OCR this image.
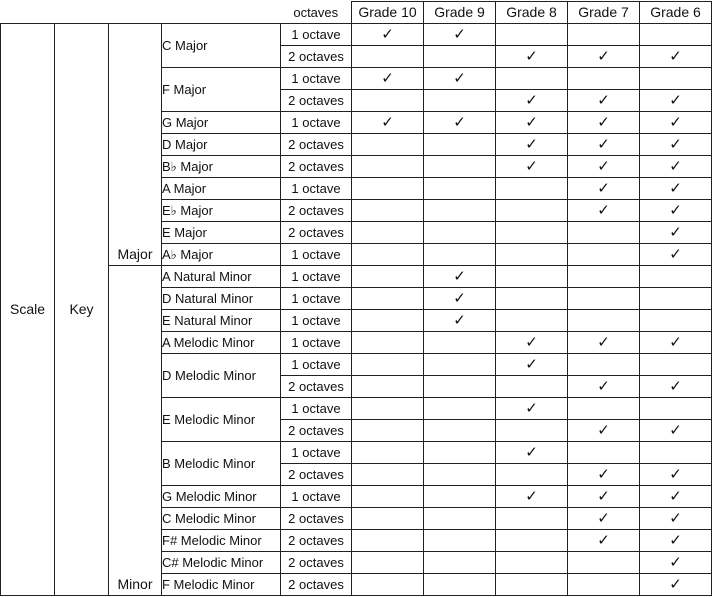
				octaves	Grade 10	Grade 9	Grade 8	Grade 7	Grade 6
Scale	Key	Major	C Major	1 octave	✓	✓			
				2 octaves			✓	✓	✓
			F Major	1 octave	✓	✓			
				2 octaves			✓	✓	✓
			G Major	1 octave	✓	✓	✓	✓	✓
			D Major	2 octaves			✓	✓	✓
			B♭ Major	2 octaves			✓	✓	✓
			A Major	1 octave				✓	✓
			E♭ Major	2 octaves				✓	✓
			E Major	2 octaves					✓
			A♭ Major	1 octave					✓
		Minor	A Natural Minor	1 octave		✓			
			D Natural Minor	1 octave		✓			
			E Natural Minor	1 octave		✓			
			A Melodic Minor	1 octave			✓	✓	✓
			D Melodic Minor	1 octave			✓		
				2 octaves				✓	✓
			E Melodic Minor	1 octave			✓		
				2 octaves				✓	✓
			B Melodic Minor	1 octave			✓		
				2 octaves				✓	✓
			G Melodic Minor	1 octave			✓	✓	✓
			C Melodic Minor	2 octaves				✓	✓
			F# Melodic Minor	2 octaves				✓	✓
			C# Melodic Minor	2 octaves					✓
			F Melodic Minor	2 octaves					✓
